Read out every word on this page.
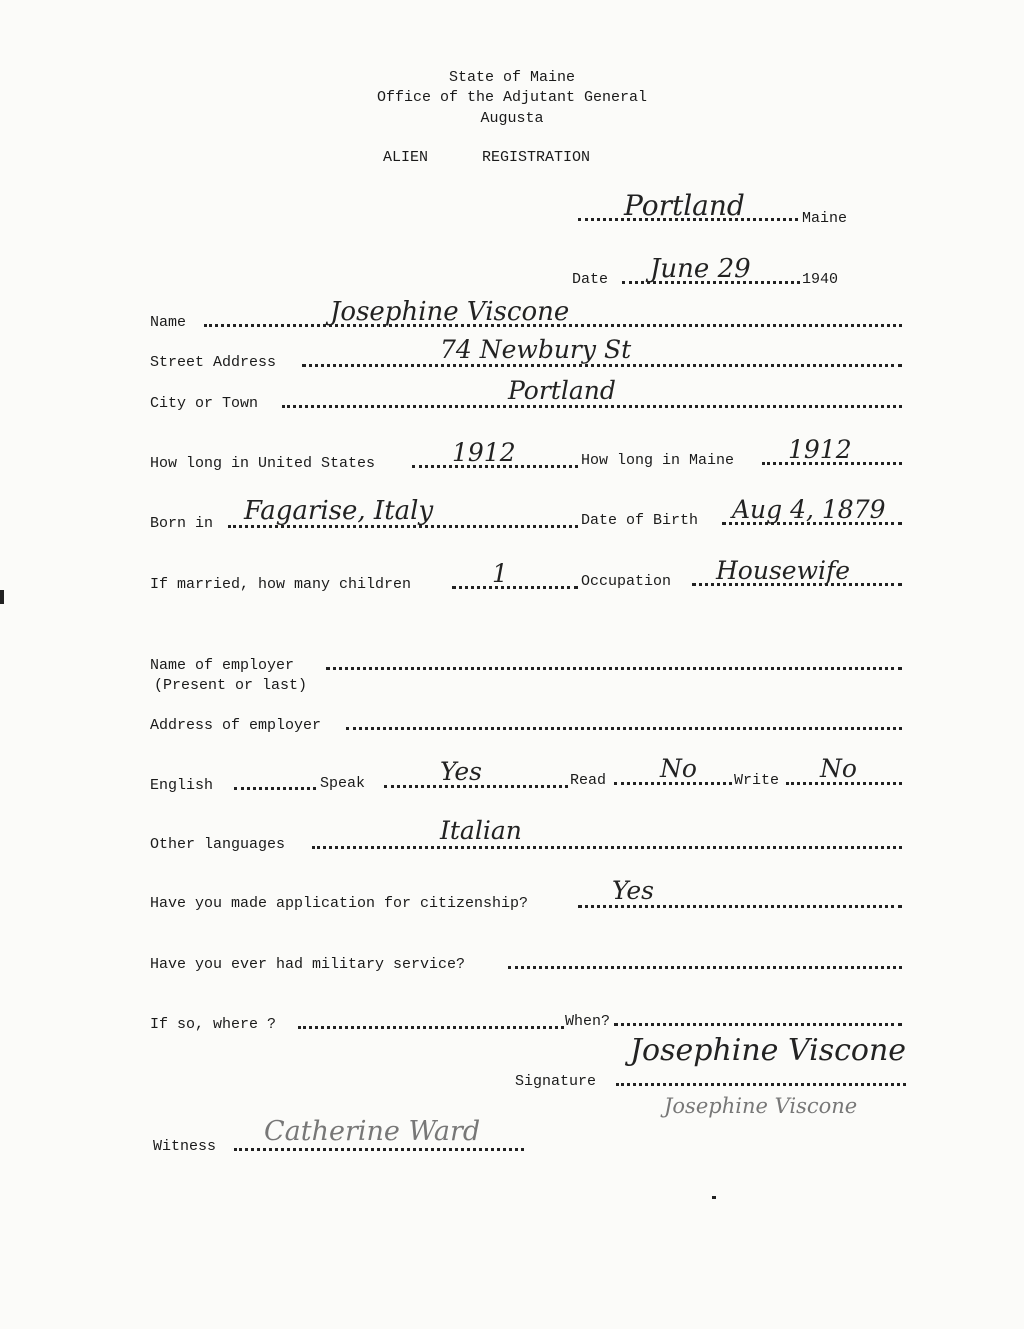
State of Maine
Office of the Adjutant General
Augusta
ALIEN	REGISTRATION
Portland	Maine
Date June 29	1940
Name	Josephine Viscone
Street Address	74 Newbury St
City or Town	Portland
How long in United States	1912	How long in Maine 1912
Born in Fagarise, Italy	Date of Birth Aug 4, 1879
If married, how many children	1	Occupation Housewife
Name of employer
(Present or last)
Address of employer
English	Speak	Yes	Read No Write No
Other languages	Italian
Have you made application for citizenship?	Yes
Have you ever had military service?
If so, where ?	When?
Josephine Viscone
Signature
Josephine Viscone
Witness Catherine Ward
